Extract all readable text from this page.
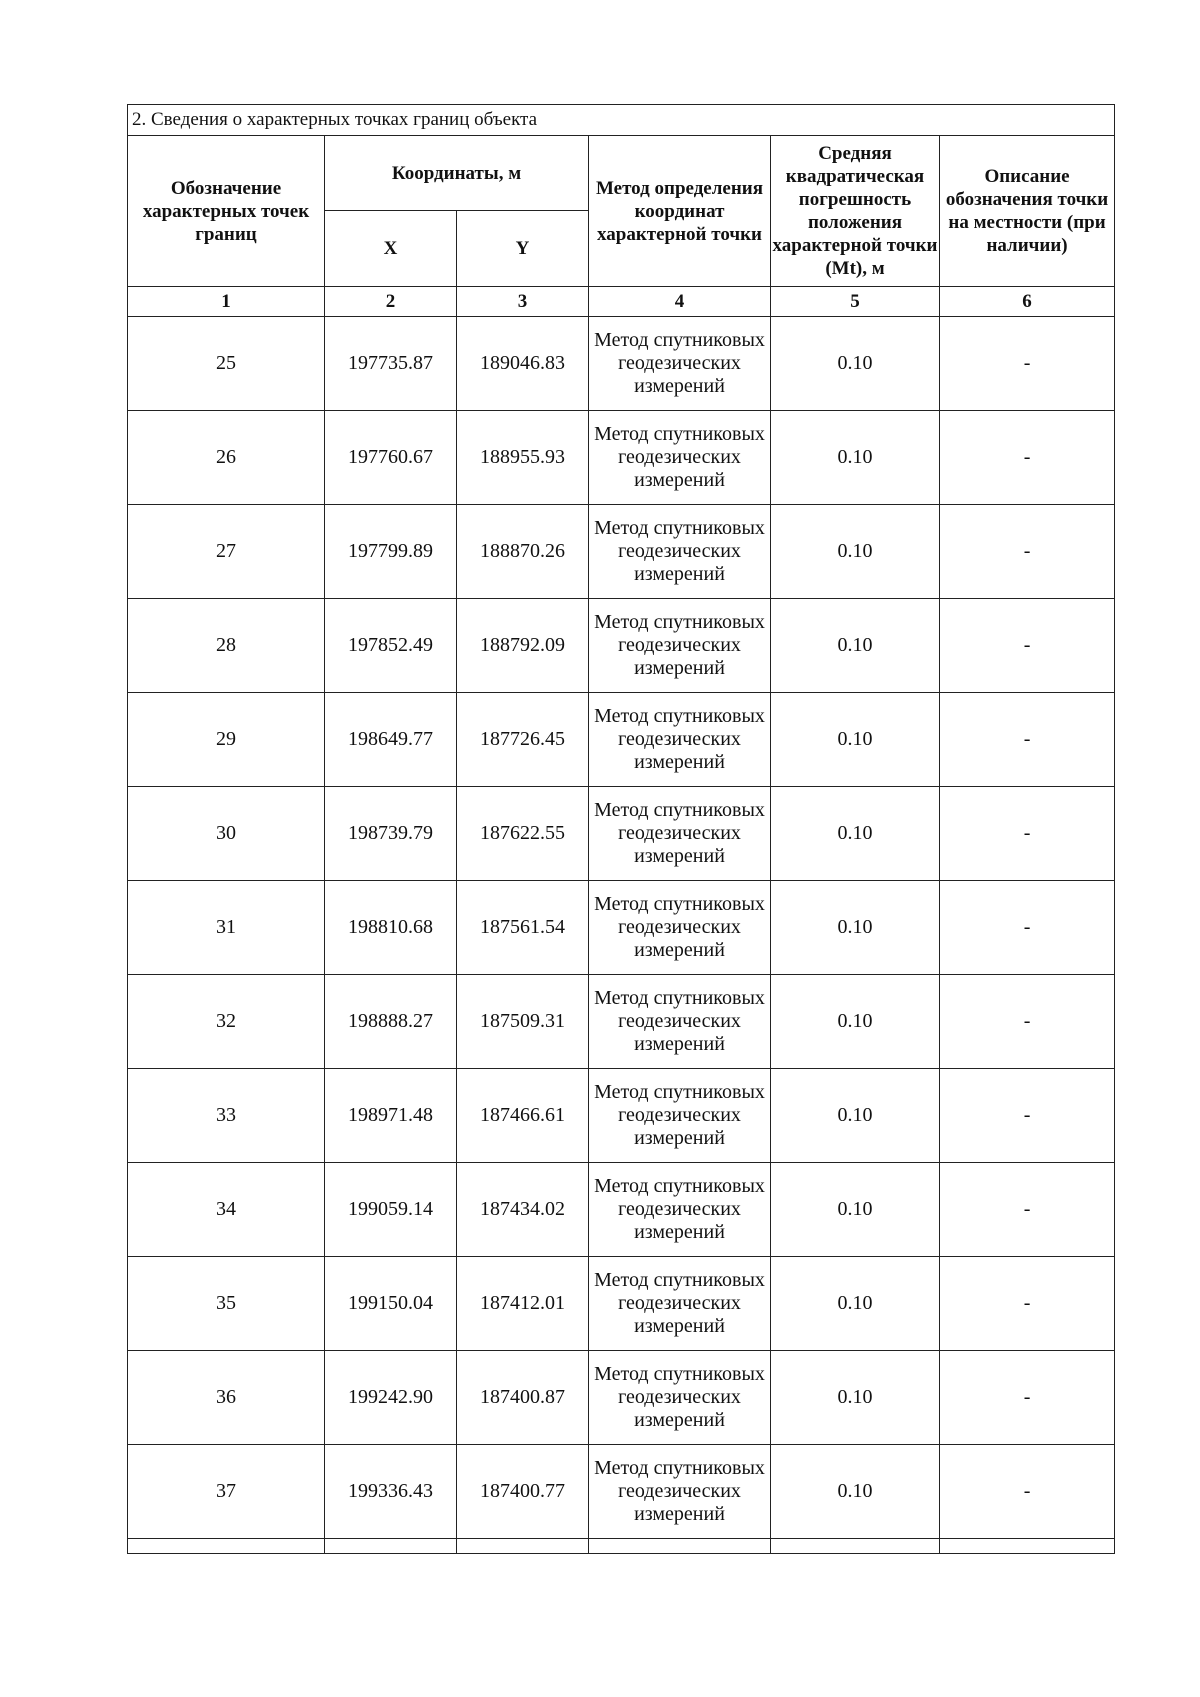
2. Сведения о характерных точках границ объекта					
Обозначение характерных точек границ	Координаты, м		Метод определения координат характерной точки	Средняя квадратическая погрешность положения характерной точки (Mt), м	Описание обозначения точки на местности (при наличии)
	X	Y			
1	2	3	4	5	6
25	197735.87	189046.83	Метод спутниковых геодезических измерений	0.10	-
26	197760.67	188955.93	Метод спутниковых геодезических измерений	0.10	-
27	197799.89	188870.26	Метод спутниковых геодезических измерений	0.10	-
28	197852.49	188792.09	Метод спутниковых геодезических измерений	0.10	-
29	198649.77	187726.45	Метод спутниковых геодезических измерений	0.10	-
30	198739.79	187622.55	Метод спутниковых геодезических измерений	0.10	-
31	198810.68	187561.54	Метод спутниковых геодезических измерений	0.10	-
32	198888.27	187509.31	Метод спутниковых геодезических измерений	0.10	-
33	198971.48	187466.61	Метод спутниковых геодезических измерений	0.10	-
34	199059.14	187434.02	Метод спутниковых геодезических измерений	0.10	-
35	199150.04	187412.01	Метод спутниковых геодезических измерений	0.10	-
36	199242.90	187400.87	Метод спутниковых геодезических измерений	0.10	-
37	199336.43	187400.77	Метод спутниковых геодезических измерений	0.10	-
